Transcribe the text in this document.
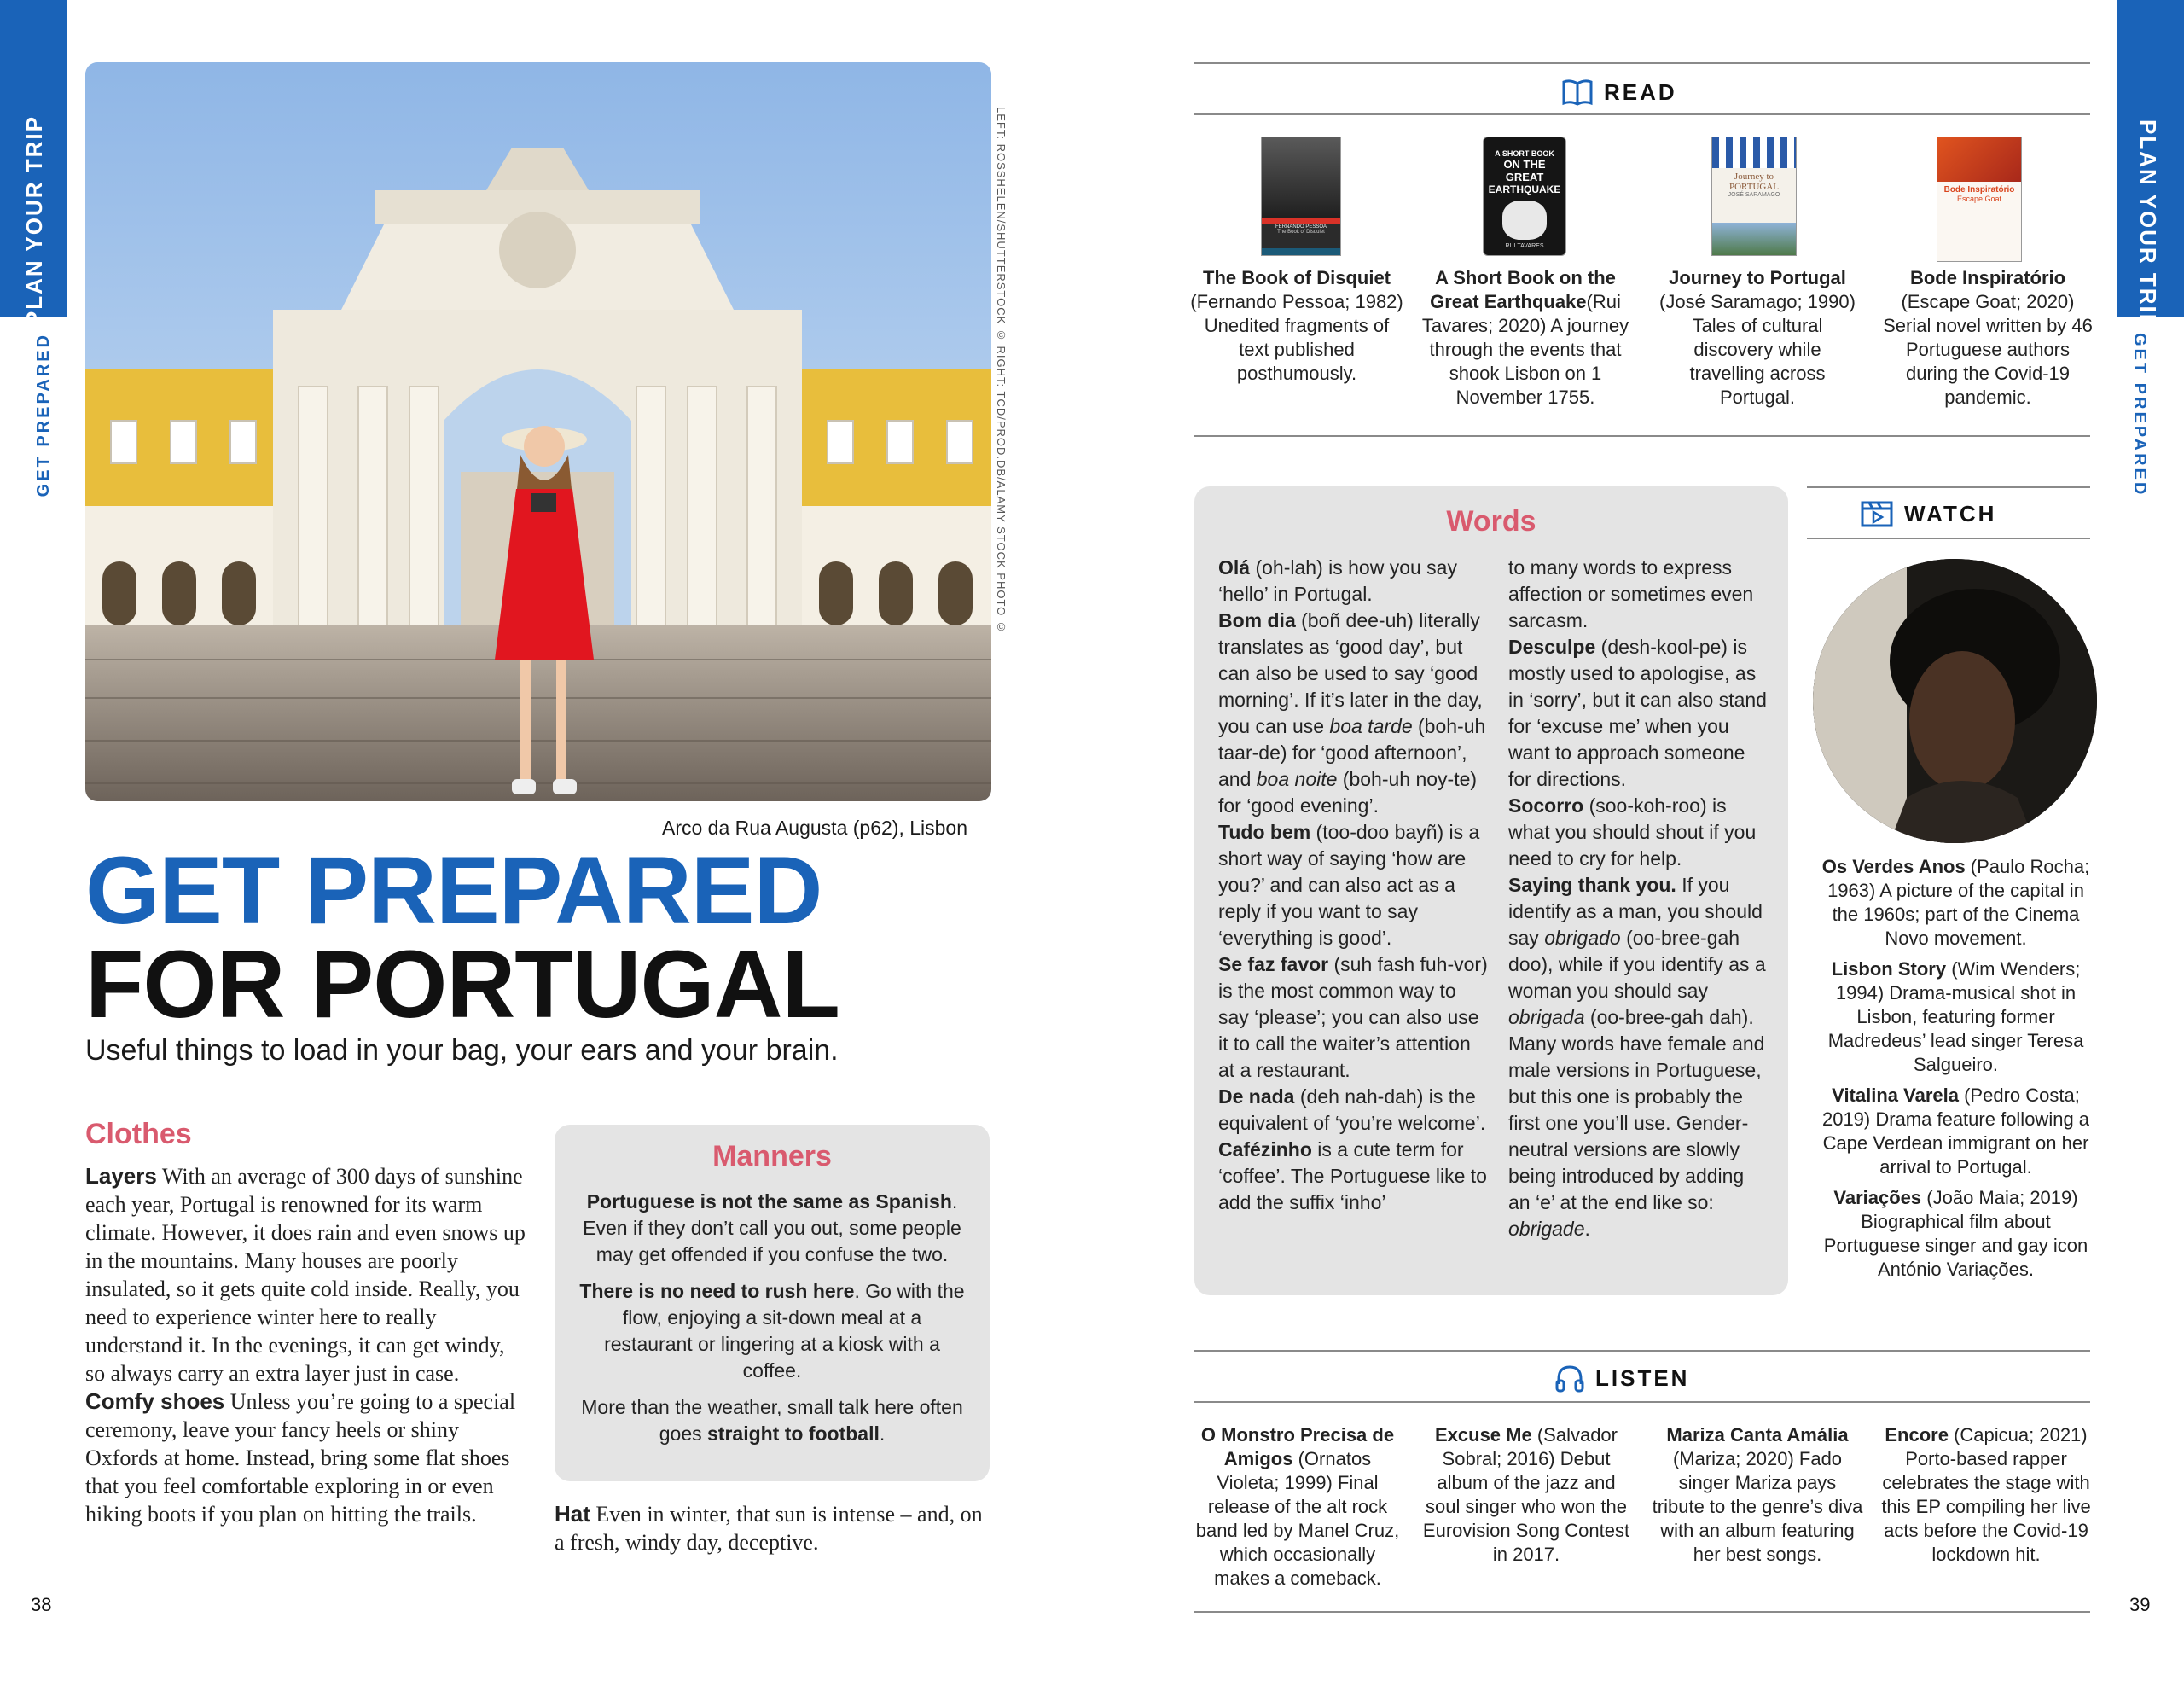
PLAN YOUR TRIP
GET PREPARED	LEFT: ROSSHELEN/SHUTTERSTOCK © RIGHT: TCD/PROD.DB/ALAMY STOCK PHOTO ©
Arco da Rua Augusta (p62), Lisbon
GET PREPARED
FOR PORTUGAL
Useful things to load in your bag, your ears and your brain.
Clothes
Layers With an average of 300 days of sunshine each year, Portugal is renowned for its warm climate. However, it does rain and even snows up in the mountains. Many houses are poorly insulated, so it gets quite cold inside. Really, you need to experience winter here to really understand it. In the evenings, it can get windy, so always carry an extra layer just in case.
Comfy shoes Unless you’re going to a special ceremony, leave your fancy heels or shiny Oxfords at home. Instead, bring some flat shoes that you feel comfortable exploring in or even hiking boots if you plan on hitting the trails.
Manners

Portuguese is not the same as Spanish. Even if they don’t call you out, some people may get offended if you confuse the two.

There is no need to rush here. Go with the flow, enjoying a sit-down meal at a restaurant or lingering at a kiosk with a coffee.

More than the weather, small talk here often goes straight to football.

Hat Even in winter, that sun is intense – and, on a fresh, windy day, deceptive.
38
PLAN YOUR TRIP
GET PREPARED
READ
FERNANDO PESSOA
The Book of Disquiet
A SHORT BOOK
ON THE GREAT
EARTHQUAKE
RUI TAVARES
Journey to PORTUGAL
JOSÉ SARAMAGO
Bode Inspiratório
Escape Goat
The Book of Disquiet
(Fernando Pessoa; 1982) Unedited fragments of text published posthumously.
A Short Book on the Great Earthquake(Rui Tavares; 2020) A journey through the events that shook Lisbon on 1 November 1755.
Journey to Portugal
(José Saramago; 1990) Tales of cultural discovery while travelling across Portugal.
Bode Inspiratório
(Escape Goat; 2020) Serial novel written by 46 Portuguese authors during the Covid-19 pandemic.
Words
Olá (oh-lah) is how you say ‘hello’ in Portugal.
Bom dia (boñ dee-uh) literally translates as ‘good day’, but can also be used to say ‘good morning’. If it’s later in the day, you can use boa tarde (boh-uh taar-de) for ‘good afternoon’, and boa noite (boh-uh noy-te) for ‘good evening’.
Tudo bem (too-doo bayñ) is a short way of saying ‘how are you?’ and can also act as a reply if you want to say ‘everything is good’.
Se faz favor (suh fash fuh-vor) is the most common way to say ‘please’; you can also use it to call the waiter’s attention at a restaurant.
De nada (deh nah-dah) is the equivalent of ‘you’re welcome’.
Cafézinho is a cute term for ‘coffee’. The Portuguese like to add the suffix ‘inho’
to many words to express affection or sometimes even sarcasm.
Desculpe (desh-kool-pe) is mostly used to apologise, as in ‘sorry’, but it can also stand for ‘excuse me’ when you want to approach someone for directions.
Socorro (soo-koh-roo) is what you should shout if you need to cry for help.
Saying thank you. If you identify as a man, you should say obrigado (oo-bree-gah doo), while if you identify as a woman you should say obrigada (oo-bree-gah dah). Many words have female and male versions in Portuguese, but this one is probably the first one you’ll use. Gender-neutral versions are slowly being introduced by adding an ‘e’ at the end like so: obrigade.
WATCH
Os Verdes Anos (Paulo Rocha; 1963) A picture of the capital in the 1960s; part of the Cinema Novo movement.
Lisbon Story (Wim Wenders; 1994) Drama-musical shot in Lisbon, featuring former Madredeus’ lead singer Teresa Salgueiro.
Vitalina Varela (Pedro Costa; 2019) Drama feature following a Cape Verdean immigrant on her arrival to Portugal.
Variações (João Maia; 2019) Biographical film about Portuguese singer and gay icon António Variações.
LISTEN
O Monstro Precisa de Amigos (Ornatos Violeta; 1999) Final release of the alt rock band led by Manel Cruz, which occasionally makes a comeback.
Excuse Me (Salvador Sobral; 2016) Debut album of the jazz and soul singer who won the Eurovision Song Contest in 2017.
Mariza Canta Amália (Mariza; 2020) Fado singer Mariza pays tribute to the genre’s diva with an album featuring her best songs.
Encore (Capicua; 2021) Porto-based rapper celebrates the stage with this EP compiling her live acts before the Covid-19 lockdown hit.
39
